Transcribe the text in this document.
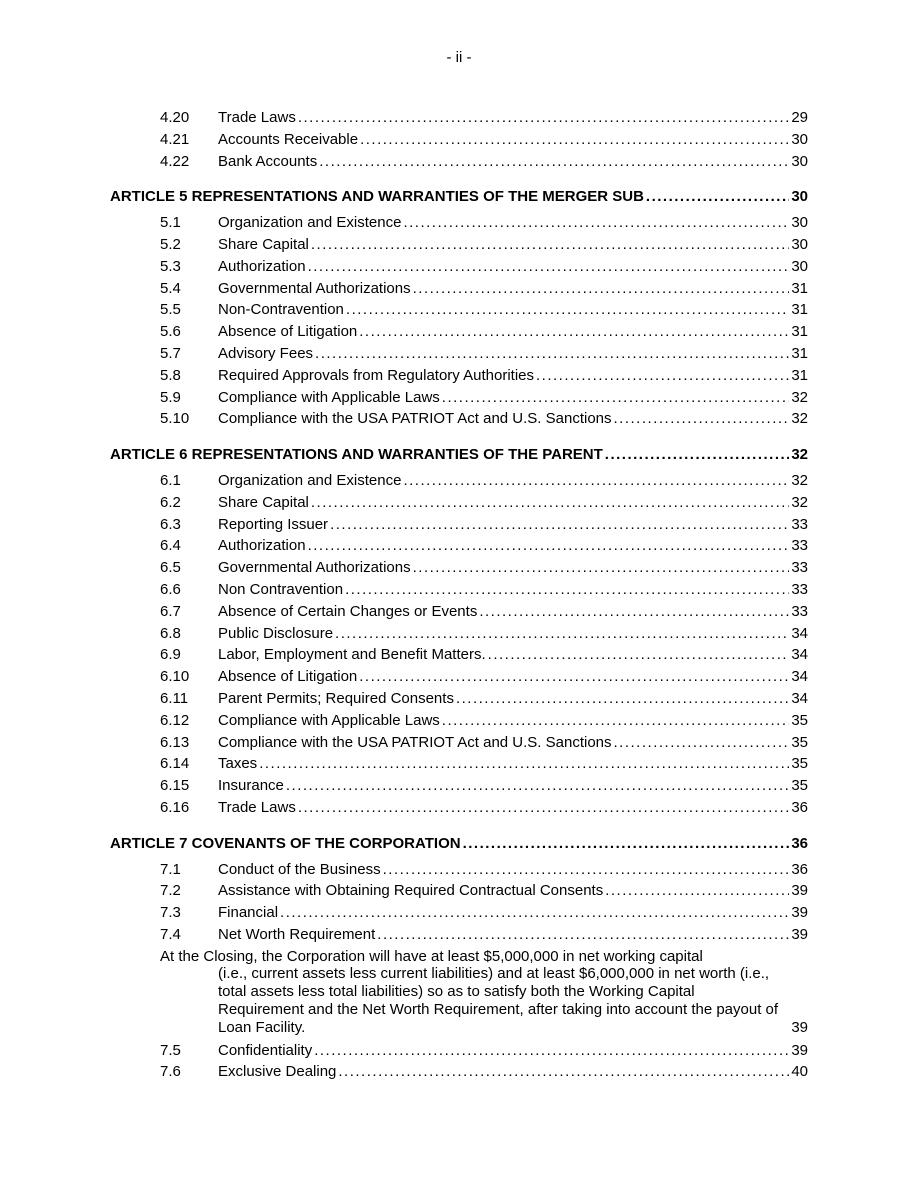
- ii -
4.20	Trade Laws .....	29
4.21	Accounts Receivable .....	30
4.22	Bank Accounts .....	30
ARTICLE 5 REPRESENTATIONS AND WARRANTIES OF THE MERGER SUB .....	30
5.1	Organization and Existence .....	30
5.2	Share Capital .....	30
5.3	Authorization .....	30
5.4	Governmental Authorizations .....	31
5.5	Non-Contravention .....	31
5.6	Absence of Litigation .....	31
5.7	Advisory Fees .....	31
5.8	Required Approvals from Regulatory Authorities .....	31
5.9	Compliance with Applicable Laws .....	32
5.10	Compliance with the USA PATRIOT Act and U.S. Sanctions .....	32
ARTICLE 6 REPRESENTATIONS AND WARRANTIES OF THE PARENT .....	32
6.1	Organization and Existence .....	32
6.2	Share Capital .....	32
6.3	Reporting Issuer .....	33
6.4	Authorization .....	33
6.5	Governmental Authorizations .....	33
6.6	Non Contravention .....	33
6.7	Absence of Certain Changes or Events .....	33
6.8	Public Disclosure .....	34
6.9	Labor, Employment and Benefit Matters. .....	34
6.10	Absence of Litigation .....	34
6.11	Parent Permits; Required Consents .....	34
6.12	Compliance with Applicable Laws .....	35
6.13	Compliance with the USA PATRIOT Act and U.S. Sanctions .....	35
6.14	Taxes .....	35
6.15	Insurance .....	35
6.16	Trade Laws .....	36
ARTICLE 7 COVENANTS OF THE CORPORATION .....	36
7.1	Conduct of the Business .....	36
7.2	Assistance with Obtaining Required Contractual Consents .....	39
7.3	Financial .....	39
7.4	Net Worth Requirement .....	39
At the Closing, the Corporation will have at least $5,000,000 in net working capital
(i.e., current assets less current liabilities) and at least $6,000,000 in net worth (i.e.,
total assets less total liabilities) so as to satisfy both the Working Capital
Requirement and the Net Worth Requirement, after taking into account the payout of
Loan Facility.	39
7.5	Confidentiality .....	39
7.6	Exclusive Dealing .....	40
